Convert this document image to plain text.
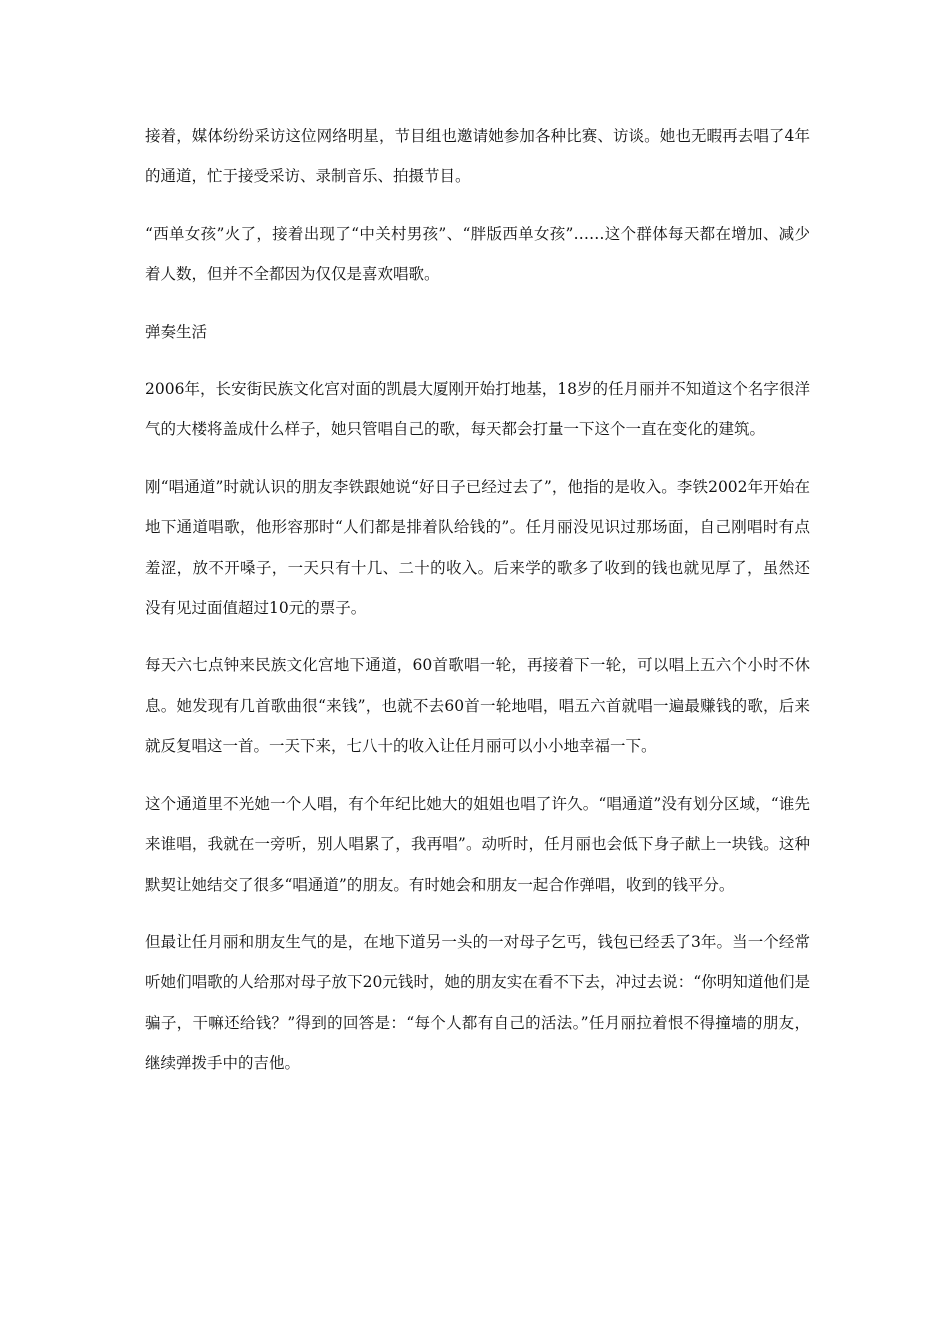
接着，媒体纷纷采访这位网络明星，节目组也邀请她参加各种比赛、访谈。她也无暇再去唱了4年的通道，忙于接受采访、录制音乐、拍摄节目。

“西单女孩”火了，接着出现了“中关村男孩”、“胖版西单女孩”……这个群体每天都在增加、减少着人数，但并不全都因为仅仅是喜欢唱歌。

弹奏生活

2006年，长安街民族文化宫对面的凯晨大厦刚开始打地基，18岁的任月丽并不知道这个名字很洋气的大楼将盖成什么样子，她只管唱自己的歌，每天都会打量一下这个一直在变化的建筑。

刚“唱通道”时就认识的朋友李铁跟她说“好日子已经过去了”，他指的是收入。李铁2002年开始在地下通道唱歌，他形容那时“人们都是排着队给钱的”。任月丽没见识过那场面，自己刚唱时有点羞涩，放不开嗓子，一天只有十几、二十的收入。后来学的歌多了收到的钱也就见厚了，虽然还没有见过面值超过10元的票子。

每天六七点钟来民族文化宫地下通道，60首歌唱一轮，再接着下一轮，可以唱上五六个小时不休息。她发现有几首歌曲很“来钱”，也就不去60首一轮地唱，唱五六首就唱一遍最赚钱的歌，后来就反复唱这一首。一天下来，七八十的收入让任月丽可以小小地幸福一下。

这个通道里不光她一个人唱，有个年纪比她大的姐姐也唱了许久。“唱通道”没有划分区域，“谁先来谁唱，我就在一旁听，别人唱累了，我再唱”。动听时，任月丽也会低下身子献上一块钱。这种默契让她结交了很多“唱通道”的朋友。有时她会和朋友一起合作弹唱，收到的钱平分。

但最让任月丽和朋友生气的是，在地下道另一头的一对母子乞丐，钱包已经丢了3年。当一个经常听她们唱歌的人给那对母子放下20元钱时，她的朋友实在看不下去，冲过去说：“你明知道他们是骗子，干嘛还给钱？”得到的回答是：“每个人都有自己的活法。”任月丽拉着恨不得撞墙的朋友，继续弹拨手中的吉他。
